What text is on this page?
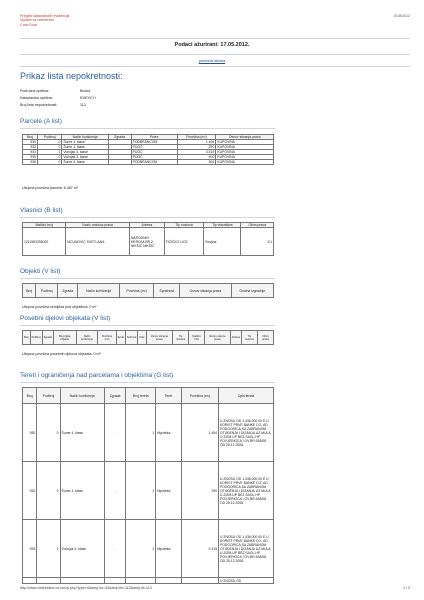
Pregled katastarskih evidencija
Uprave za nekretnine
Crna Gora
5/18/2012
Podaci ažurirani: 17.05.2012.
početna strana
Prikaz lista nepokretnosti:
Područna opština:	Budva
Katastarska opština:	RIJEVĆI I
Broj lista nepokretnosti:	113
Parcele (A list)
Broj	Podbroj	Način korišćenja	Zgrada	Potes	Površina (m²)	Osnov sticanja prava
930	0	Šume 4. klase		PODBRANCOM	1.494	KUPOVINA
932	0	Šume 4. klase		PIJOĆ	290	KUPOVINA
933	1	Vočnjak 4. klase		PIJOĆ	3.419	KUPOVINA
935	0	Vočnjak 3. klase		PIJOĆ	400	KUPOVINA
936	0	Šume 4. klase		PODBRANCOM	504	KUPOVINA
Ukupna površina parcela: 6.487 m²
Vlasnici (B list)
Matični broj	Naziv nosioca prava	Adresa	Tip nosioca	Tip vlasništva	Obim prava
1211983295020	MCUNOVIĆ SVETLANA	NARODNIH HEROJA BR.2 NIKŠIĆ NIKŠIĆ	FIZIČKO LICE	Svojina	1/1
Objekti (V list)
Broj	Podbroj	Zgrada	Način korišćenja	Površina (m²)	Spratnost	Osnov sticanja prava	Godina izgradnje
Ukupna površina zemljišta pod objektima: 0 m²
Posebni djelovi objekata (V list)
Broj	Podbroj	Zgrada	Broj dijela objekta	Način korišćenja	Površina (m²)	Sprat	Sobnost	Ulaz	Osnov sticanja prava	Tip nosioca	Matični broj	Naziv nosioca prava	Adresa	Tip nosioca	Obim prava
Ukupna površina posebnih djelova objekata: 0 m²
Tereti i ograničenja nad parcelama i objektima (G list)
Broj	Podbroj	Način korišćenja	Zgrada	Broj tereta	Teret	Površina (m²)	Opis tereta
930	0	Šume 4. klase	-	1	Hipoteka	1.494	U ZNOSU OD 1.436.000,00 E U KORIST PRVE BANKE CG- AD PODGORICA,SA ZABRANOM OTUĐENJA I DIZANJA UZ.MULA U ZIZM.UP BEZ SAGL.HP, POVJERIOCA I OV.BR.638/08 OD 25.12.2008.
932	0	Šume 4. klase	-	1	Hipoteka	290	U ZNOSU OD 1.436.000,00 E U KORIST PRVE BANKE CG- AD PODGORICA,SA ZABRANOM OTUĐENJA I DIZANJA UZ.MULA U ZIZM.UP BEZ SAGL.HP, POVJERIOCA I OV.BR.638/08 OD 25.12.2008.
933	1	Vočnjak 4. klase	-	1	Hipoteka	3.419	U ZNOSU OD 1.436.000,00 E U KORIST PRVE BANKE CG- AD PODGORICA,SA ZABRANOM OTUĐENJA I DIZANJA UZ.MULA U ZIZM.UP BEZ SAGL.HP, POVJERIOCA I OV.BR.638/08 OD 25.12.2008.
							U ZNOSU OD
http://www.nekretnine.co.me/ip.php?type=rl&amp;ko=33&amp;lis=113&amp;id=113	1 / 3
